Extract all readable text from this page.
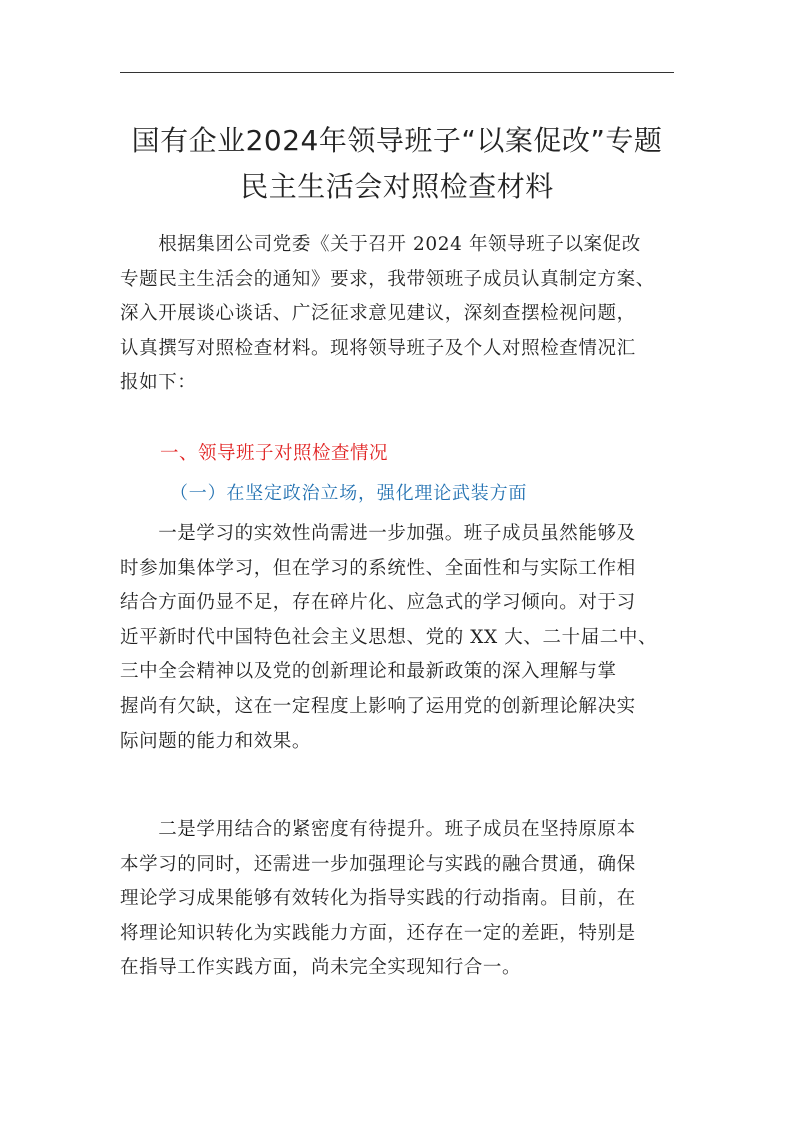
国有企业2024年领导班子“以案促改”专题
民主生活会对照检查材料
　　根据集团公司党委《关于召开 2024 年领导班子以案促改
专题民主生活会的通知》要求，我带领班子成员认真制定方案、
深入开展谈心谈话、广泛征求意见建议，深刻查摆检视问题，
认真撰写对照检查材料。现将领导班子及个人对照检查情况汇
报如下：
一、领导班子对照检查情况
（一）在坚定政治立场，强化理论武装方面
　　一是学习的实效性尚需进一步加强。班子成员虽然能够及
时参加集体学习，但在学习的系统性、全面性和与实际工作相
结合方面仍显不足，存在碎片化、应急式的学习倾向。对于习
近平新时代中国特色社会主义思想、党的 XX 大、二十届二中、
三中全会精神以及党的创新理论和最新政策的深入理解与掌
握尚有欠缺，这在一定程度上影响了运用党的创新理论解决实
际问题的能力和效果。
　　二是学用结合的紧密度有待提升。班子成员在坚持原原本
本学习的同时，还需进一步加强理论与实践的融合贯通，确保
理论学习成果能够有效转化为指导实践的行动指南。目前，在
将理论知识转化为实践能力方面，还存在一定的差距，特别是
在指导工作实践方面，尚未完全实现知行合一。
